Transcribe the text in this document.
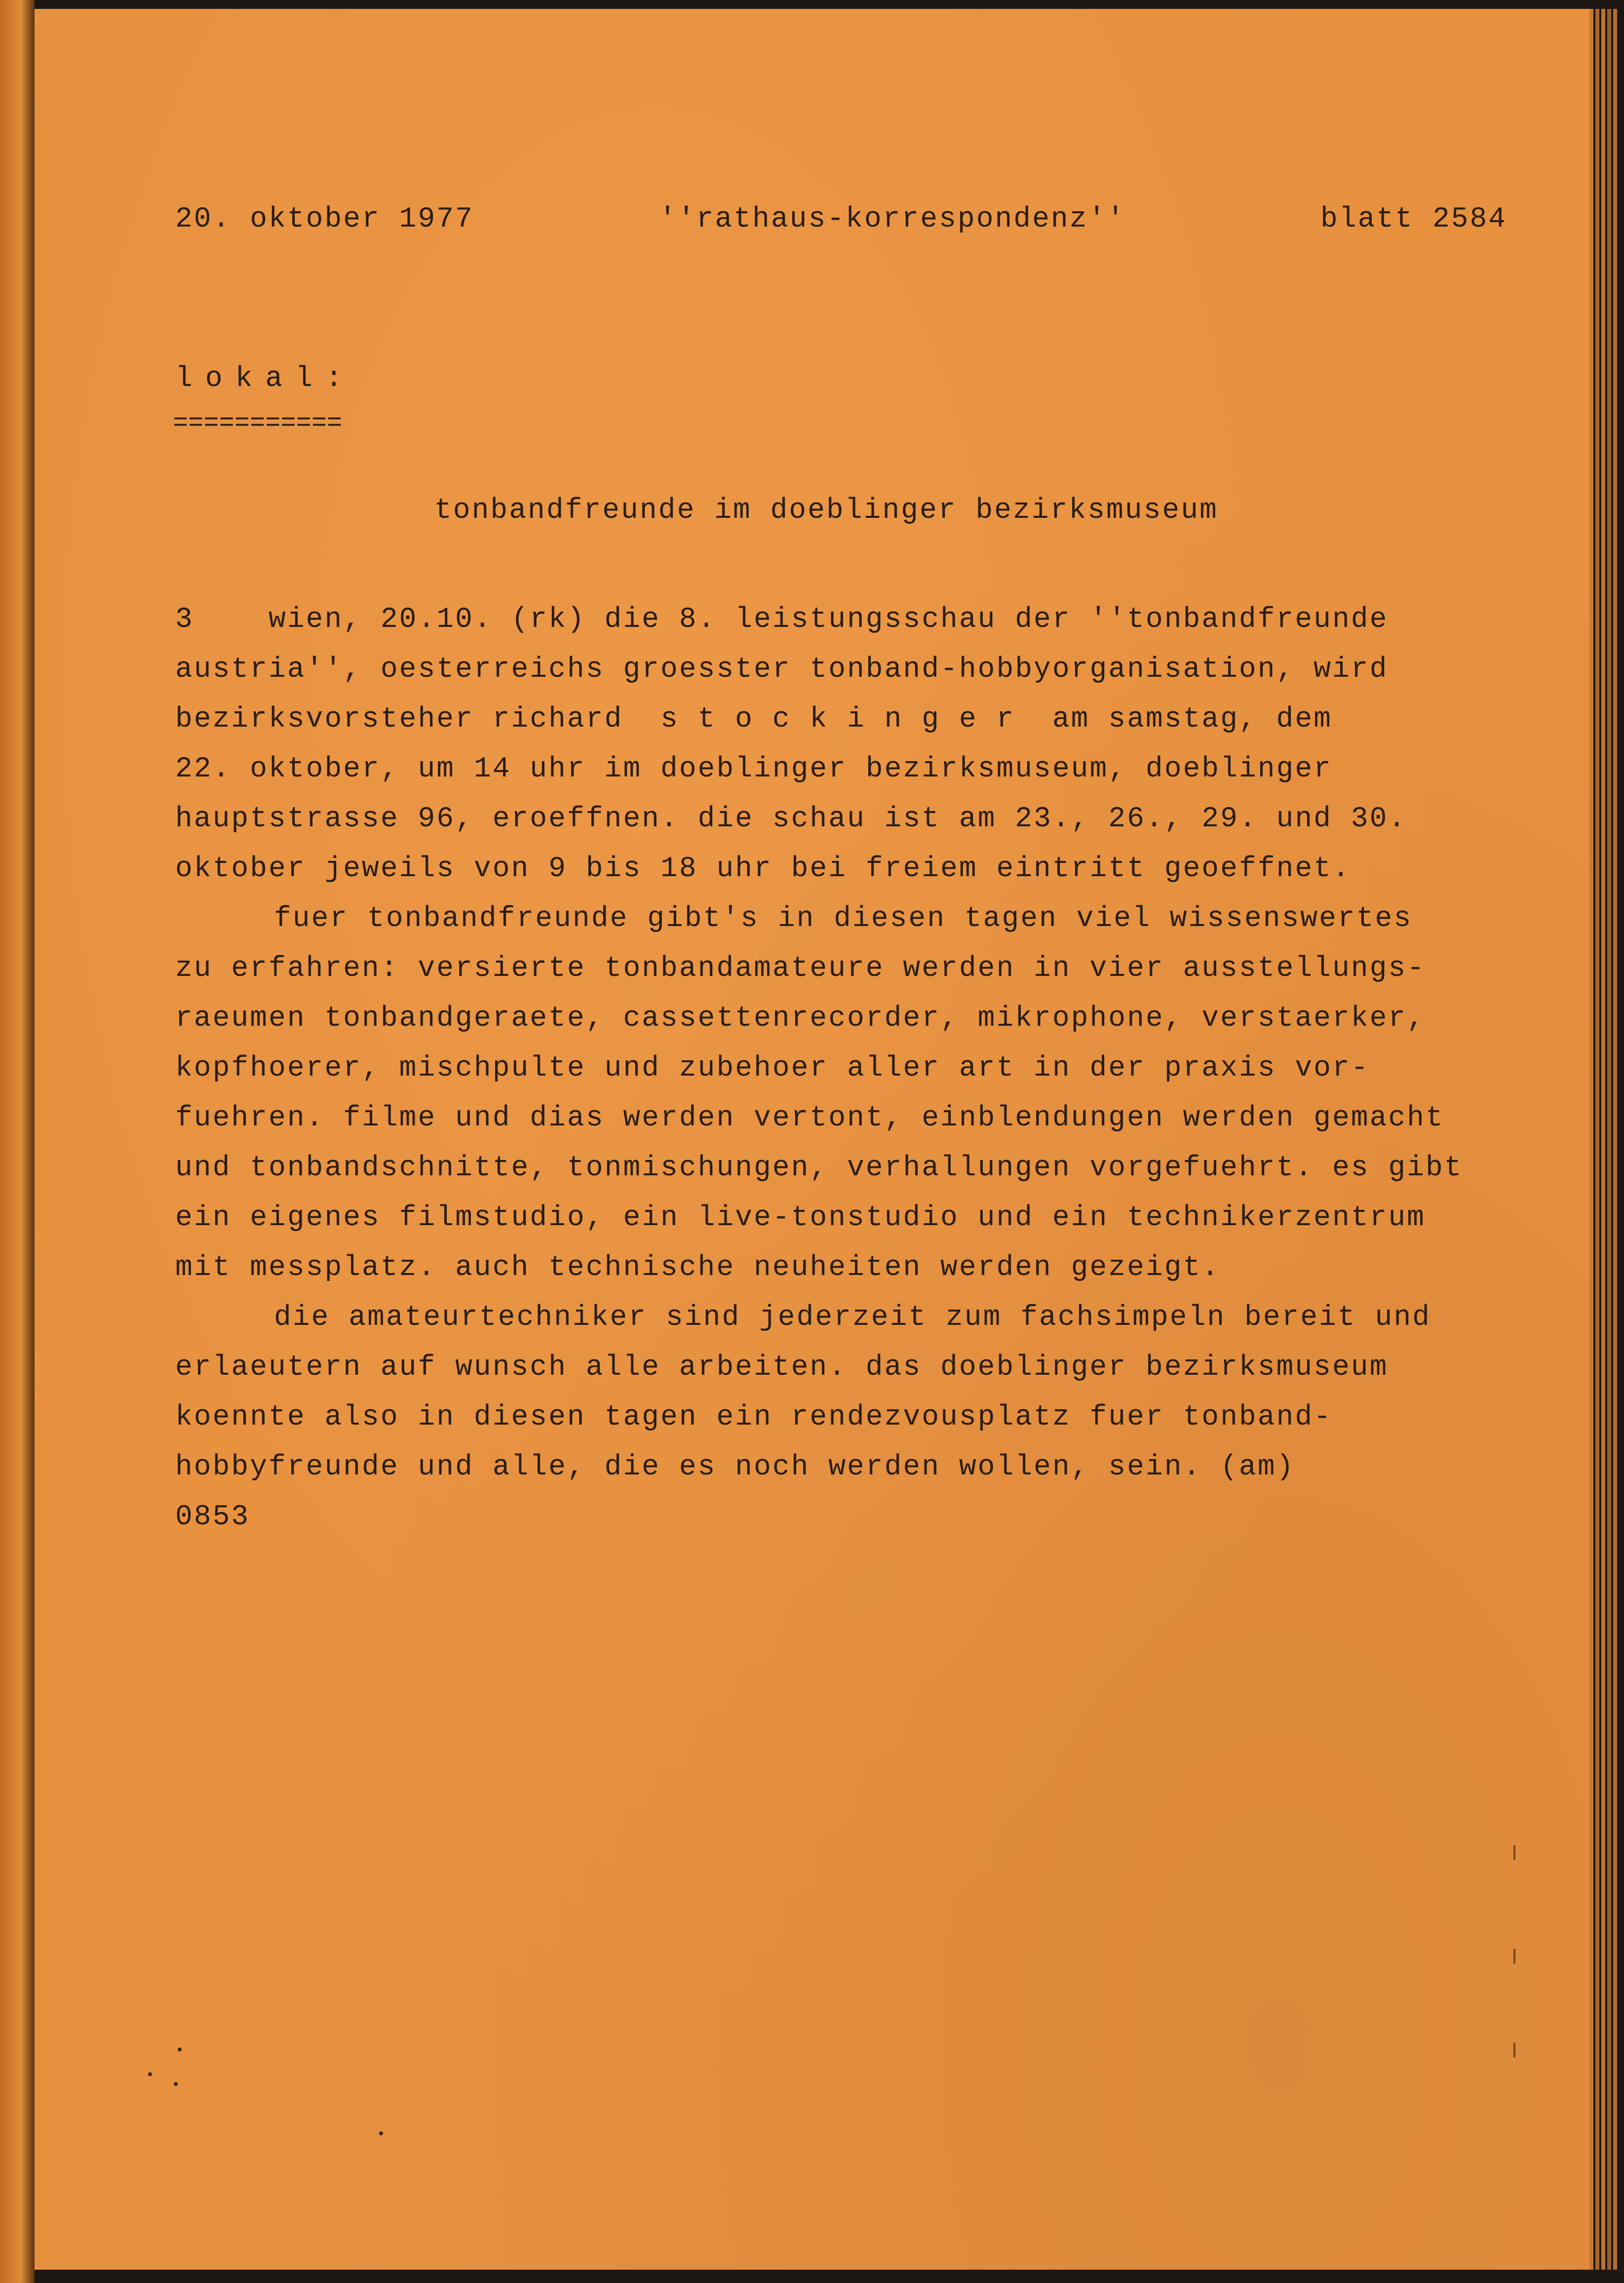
20. oktober 1977	''rathaus-korrespondenz''	blatt 2584
lokal:
===========
tonbandfreunde im doeblinger bezirksmuseum
3    wien, 20.10. (rk) die 8. leistungsschau der ''tonbandfreunde
austria'', oesterreichs groesster tonband-hobbyorganisation, wird
bezirksvorsteher richard  s t o c k i n g e r  am samstag, dem
22. oktober, um 14 uhr im doeblinger bezirksmuseum, doeblinger
hauptstrasse 96, eroeffnen. die schau ist am 23., 26., 29. und 30.
oktober jeweils von 9 bis 18 uhr bei freiem eintritt geoeffnet.
fuer tonbandfreunde gibt's in diesen tagen viel wissenswertes
zu erfahren: versierte tonbandamateure werden in vier ausstellungs-
raeumen tonbandgeraete, cassettenrecorder, mikrophone, verstaerker,
kopfhoerer, mischpulte und zubehoer aller art in der praxis vor-
fuehren. filme und dias werden vertont, einblendungen werden gemacht
und tonbandschnitte, tonmischungen, verhallungen vorgefuehrt. es gibt
ein eigenes filmstudio, ein live-tonstudio und ein technikerzentrum
mit messplatz. auch technische neuheiten werden gezeigt.
die amateurtechniker sind jederzeit zum fachsimpeln bereit und
erlaeutern auf wunsch alle arbeiten. das doeblinger bezirksmuseum
koennte also in diesen tagen ein rendezvousplatz fuer tonband-
hobbyfreunde und alle, die es noch werden wollen, sein. (am)
0853
